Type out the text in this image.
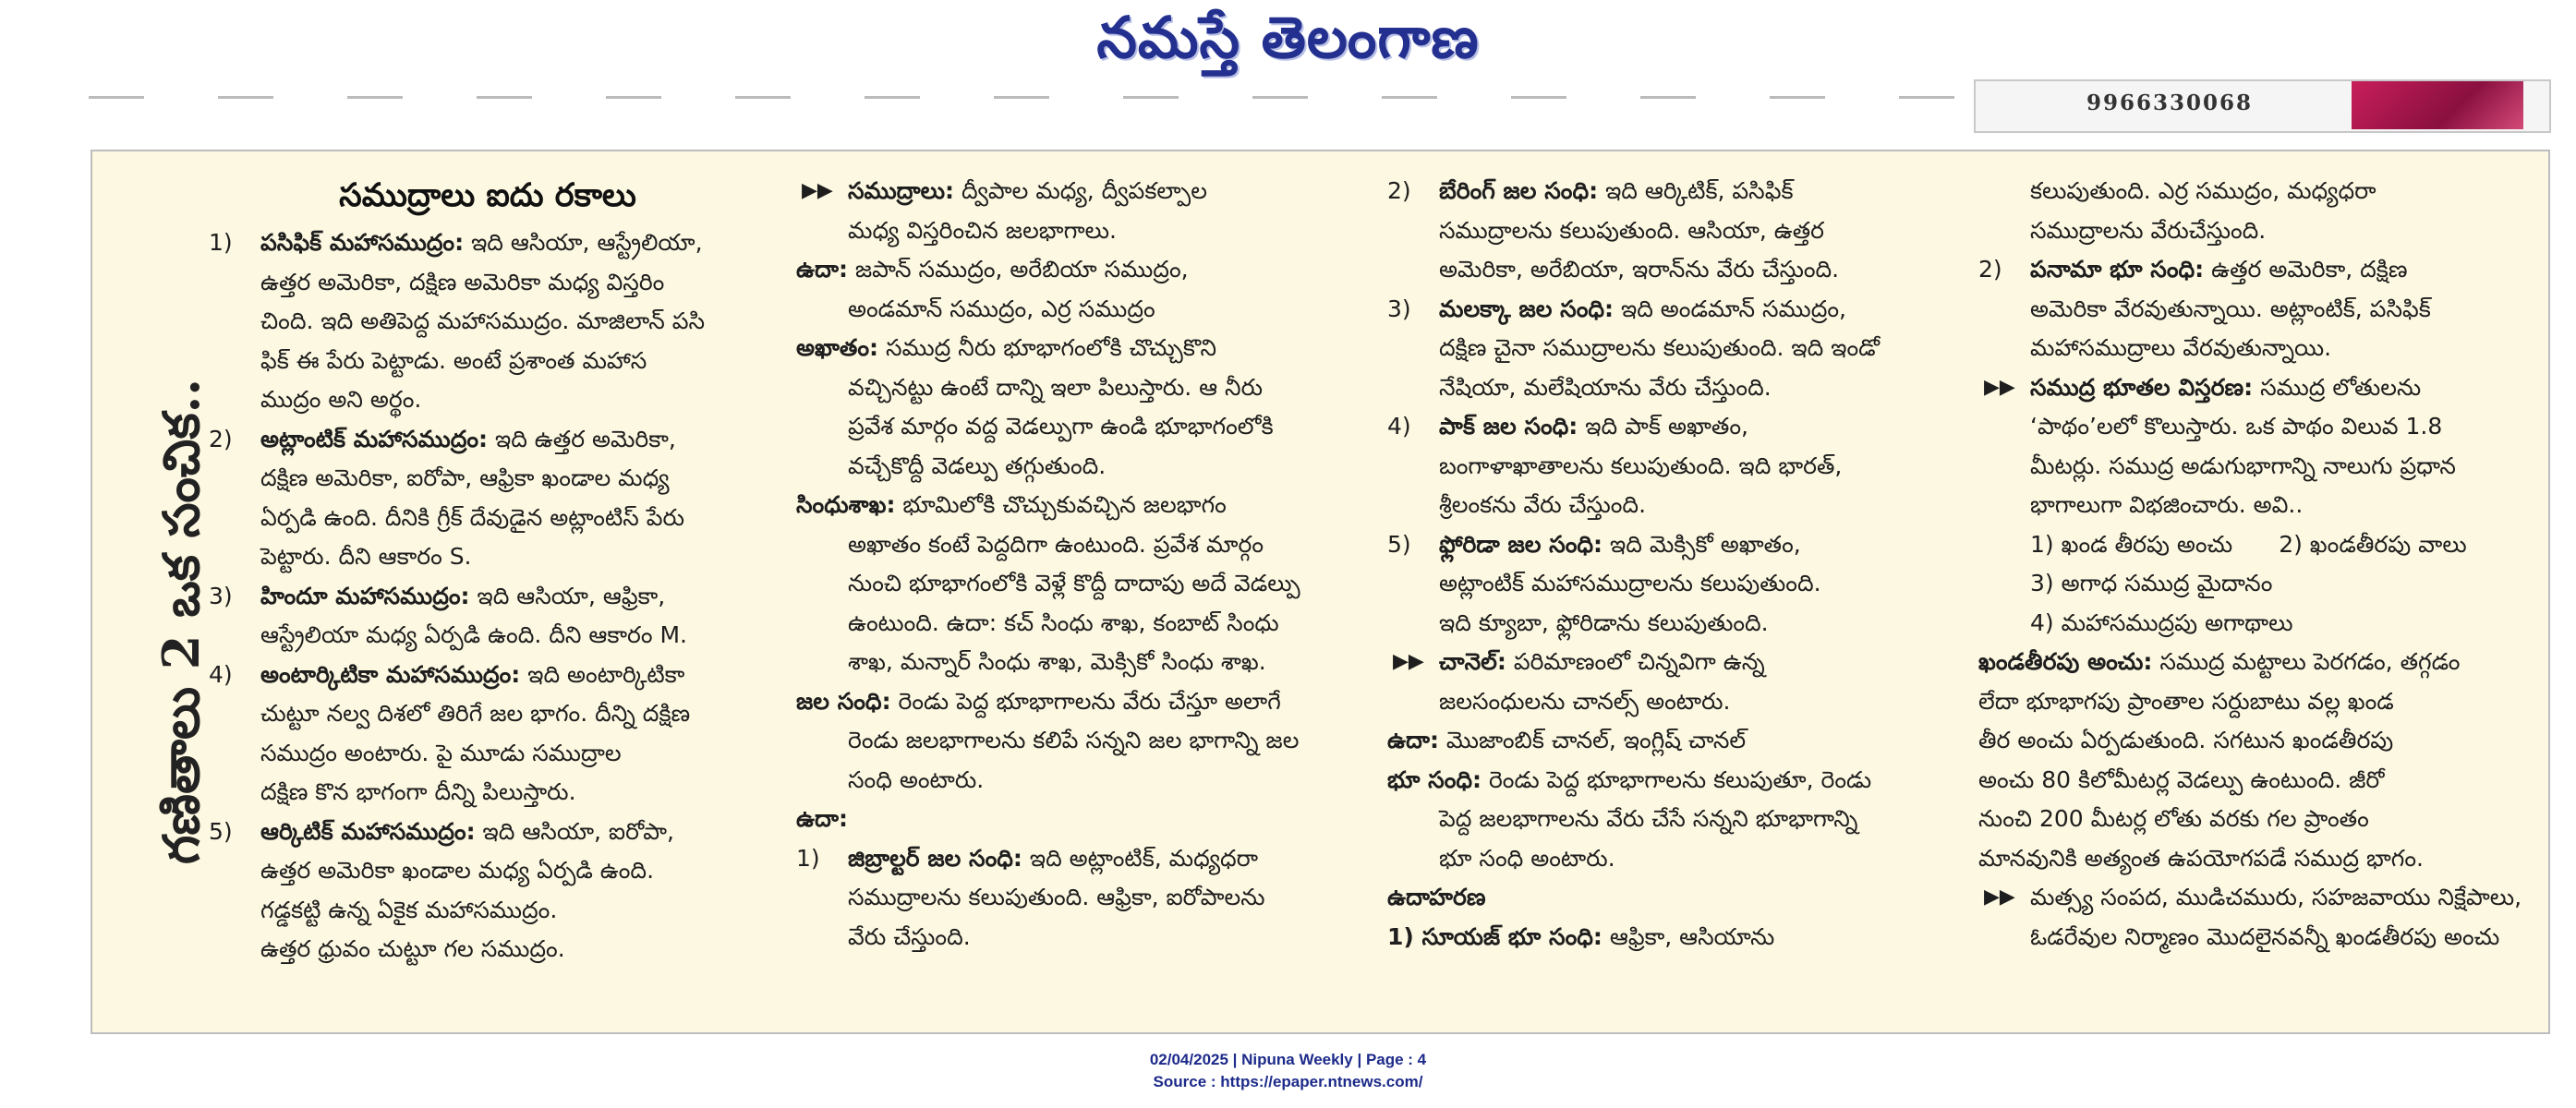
నమస్తే తెలంగాణ
9966330068
గణితాలు 2 ఒక సంచిక..
సముద్రాలు ఐదు రకాలు
1) పసిఫిక్ మహాసముద్రం: ఇది ఆసియా, ఆస్ట్రేలియా,
ఉత్తర అమెరికా, దక్షిణ అమెరికా మధ్య విస్తరిం
చింది. ఇది అతిపెద్ద మహాసముద్రం. మాజిలాన్ పసి
ఫిక్ ఈ పేరు పెట్టాడు. అంటే ప్రశాంత మహాస
ముద్రం అని అర్థం.
2) అట్లాంటిక్ మహాసముద్రం: ఇది ఉత్తర అమెరికా,
దక్షిణ అమెరికా, ఐరోపా, ఆఫ్రికా ఖండాల మధ్య
ఏర్పడి ఉంది. దీనికి గ్రీక్ దేవుడైన అట్లాంటిస్ పేరు
పెట్టారు. దీని ఆకారం S.
3) హిందూ మహాసముద్రం: ఇది ఆసియా, ఆఫ్రికా,
ఆస్ట్రేలియా మధ్య ఏర్పడి ఉంది. దీని ఆకారం M.
4) అంటార్కిటికా మహాసముద్రం: ఇది అంటార్కిటికా
చుట్టూ నల్వ దిశలో తిరిగే జల భాగం. దీన్ని దక్షిణ
సముద్రం అంటారు. పై మూడు సముద్రాల
దక్షిణ కొన భాగంగా దీన్ని పిలుస్తారు.
5) ఆర్కిటిక్ మహాసముద్రం: ఇది ఆసియా, ఐరోపా,
ఉత్తర అమెరికా ఖండాల మధ్య ఏర్పడి ఉంది.
గడ్డకట్టి ఉన్న ఏకైక మహాసముద్రం.
ఉత్తర ధ్రువం చుట్టూ గల సముద్రం.
▶▶ సముద్రాలు: ద్వీపాల మధ్య, ద్వీపకల్పాల
మధ్య విస్తరించిన జలభాగాలు.
ఉదా: జపాన్ సముద్రం, అరేబియా సముద్రం,
అండమాన్ సముద్రం, ఎర్ర సముద్రం
అఖాతం: సముద్ర నీరు భూభాగంలోకి చొచ్చుకొని
వచ్చినట్టు ఉంటే దాన్ని ఇలా పిలుస్తారు. ఆ నీరు
ప్రవేశ మార్గం వద్ద వెడల్పుగా ఉండి భూభాగంలోకి
వచ్చేకొద్దీ వెడల్పు తగ్గుతుంది.
సింధుశాఖ: భూమిలోకి చొచ్చుకువచ్చిన జలభాగం
అఖాతం కంటే పెద్దదిగా ఉంటుంది. ప్రవేశ మార్గం
నుంచి భూభాగంలోకి వెళ్లే కొద్దీ దాదాపు అదే వెడల్పు
ఉంటుంది. ఉదా: కచ్ సింధు శాఖ, కంబాట్ సింధు
శాఖ, మన్నార్ సింధు శాఖ, మెక్సికో సింధు శాఖ.
జల సంధి: రెండు పెద్ద భూభాగాలను వేరు చేస్తూ అలాగే
రెండు జలభాగాలను కలిపే సన్నని జల భాగాన్ని జల
సంధి అంటారు.
ఉదా:
1) జిబ్రాల్టర్ జల సంధి: ఇది అట్లాంటిక్, మధ్యధరా
సముద్రాలను కలుపుతుంది. ఆఫ్రికా, ఐరోపాలను
వేరు చేస్తుంది.
2) బేరింగ్ జల సంధి: ఇది ఆర్కిటిక్, పసిఫిక్
సముద్రాలను కలుపుతుంది. ఆసియా, ఉత్తర
అమెరికా, అరేబియా, ఇరాన్‌ను వేరు చేస్తుంది.
3) మలక్కా జల సంధి: ఇది అండమాన్ సముద్రం,
దక్షిణ చైనా సముద్రాలను కలుపుతుంది. ఇది ఇండో
నేషియా, మలేషియాను వేరు చేస్తుంది.
4) పాక్ జల సంధి: ఇది పాక్ అఖాతం,
బంగాళాఖాతాలను కలుపుతుంది. ఇది భారత్,
శ్రీలంకను వేరు చేస్తుంది.
5) ఫ్లోరిడా జల సంధి: ఇది మెక్సికో అఖాతం,
అట్లాంటిక్ మహాసముద్రాలను కలుపుతుంది.
ఇది క్యూబా, ఫ్లోరిడాను కలుపుతుంది.
▶▶ చానెల్: పరిమాణంలో చిన్నవిగా ఉన్న
జలసంధులను చానల్స్ అంటారు.
ఉదా: మొజాంబిక్ చానల్, ఇంగ్లిష్ చానల్
భూ సంధి: రెండు పెద్ద భూభాగాలను కలుపుతూ, రెండు
పెద్ద జలభాగాలను వేరు చేసే సన్నని భూభాగాన్ని
భూ సంధి అంటారు.
ఉదాహరణ
1) సూయజ్ భూ సంధి: ఆఫ్రికా, ఆసియాను
కలుపుతుంది. ఎర్ర సముద్రం, మధ్యధరా
సముద్రాలను వేరుచేస్తుంది.
2) పనామా భూ సంధి: ఉత్తర అమెరికా, దక్షిణ
అమెరికా వేరవుతున్నాయి. అట్లాంటిక్, పసిఫిక్
మహాసముద్రాలు వేరవుతున్నాయి.
▶▶ సముద్ర భూతల విస్తరణ: సముద్ర లోతులను
‘పాథం’లలో కొలుస్తారు. ఒక పాథం విలువ 1.8
మీటర్లు. సముద్ర అడుగుభాగాన్ని నాలుగు ప్రధాన
భాగాలుగా విభజించారు. అవి..
1) ఖండ తీరపు అంచు 2) ఖండతీరపు వాలు
3) అగాధ సముద్ర మైదానం
4) మహాసముద్రపు అగాథాలు
ఖండతీరపు అంచు: సముద్ర మట్టాలు పెరగడం, తగ్గడం
లేదా భూభాగపు ప్రాంతాల సర్దుబాటు వల్ల ఖండ
తీర అంచు ఏర్పడుతుంది. సగటున ఖండతీరపు
అంచు 80 కిలోమీటర్ల వెడల్పు ఉంటుంది. జీరో
నుంచి 200 మీటర్ల లోతు వరకు గల ప్రాంతం
మానవునికి అత్యంత ఉపయోగపడే సముద్ర భాగం.
▶▶ మత్స్య సంపద, ముడిచమురు, సహజవాయు నిక్షేపాలు,
ఓడరేవుల నిర్మాణం మొదలైనవన్నీ ఖండతీరపు అంచు
02/04/2025 | Nipuna Weekly | Page : 4
Source : https://epaper.ntnews.com/
